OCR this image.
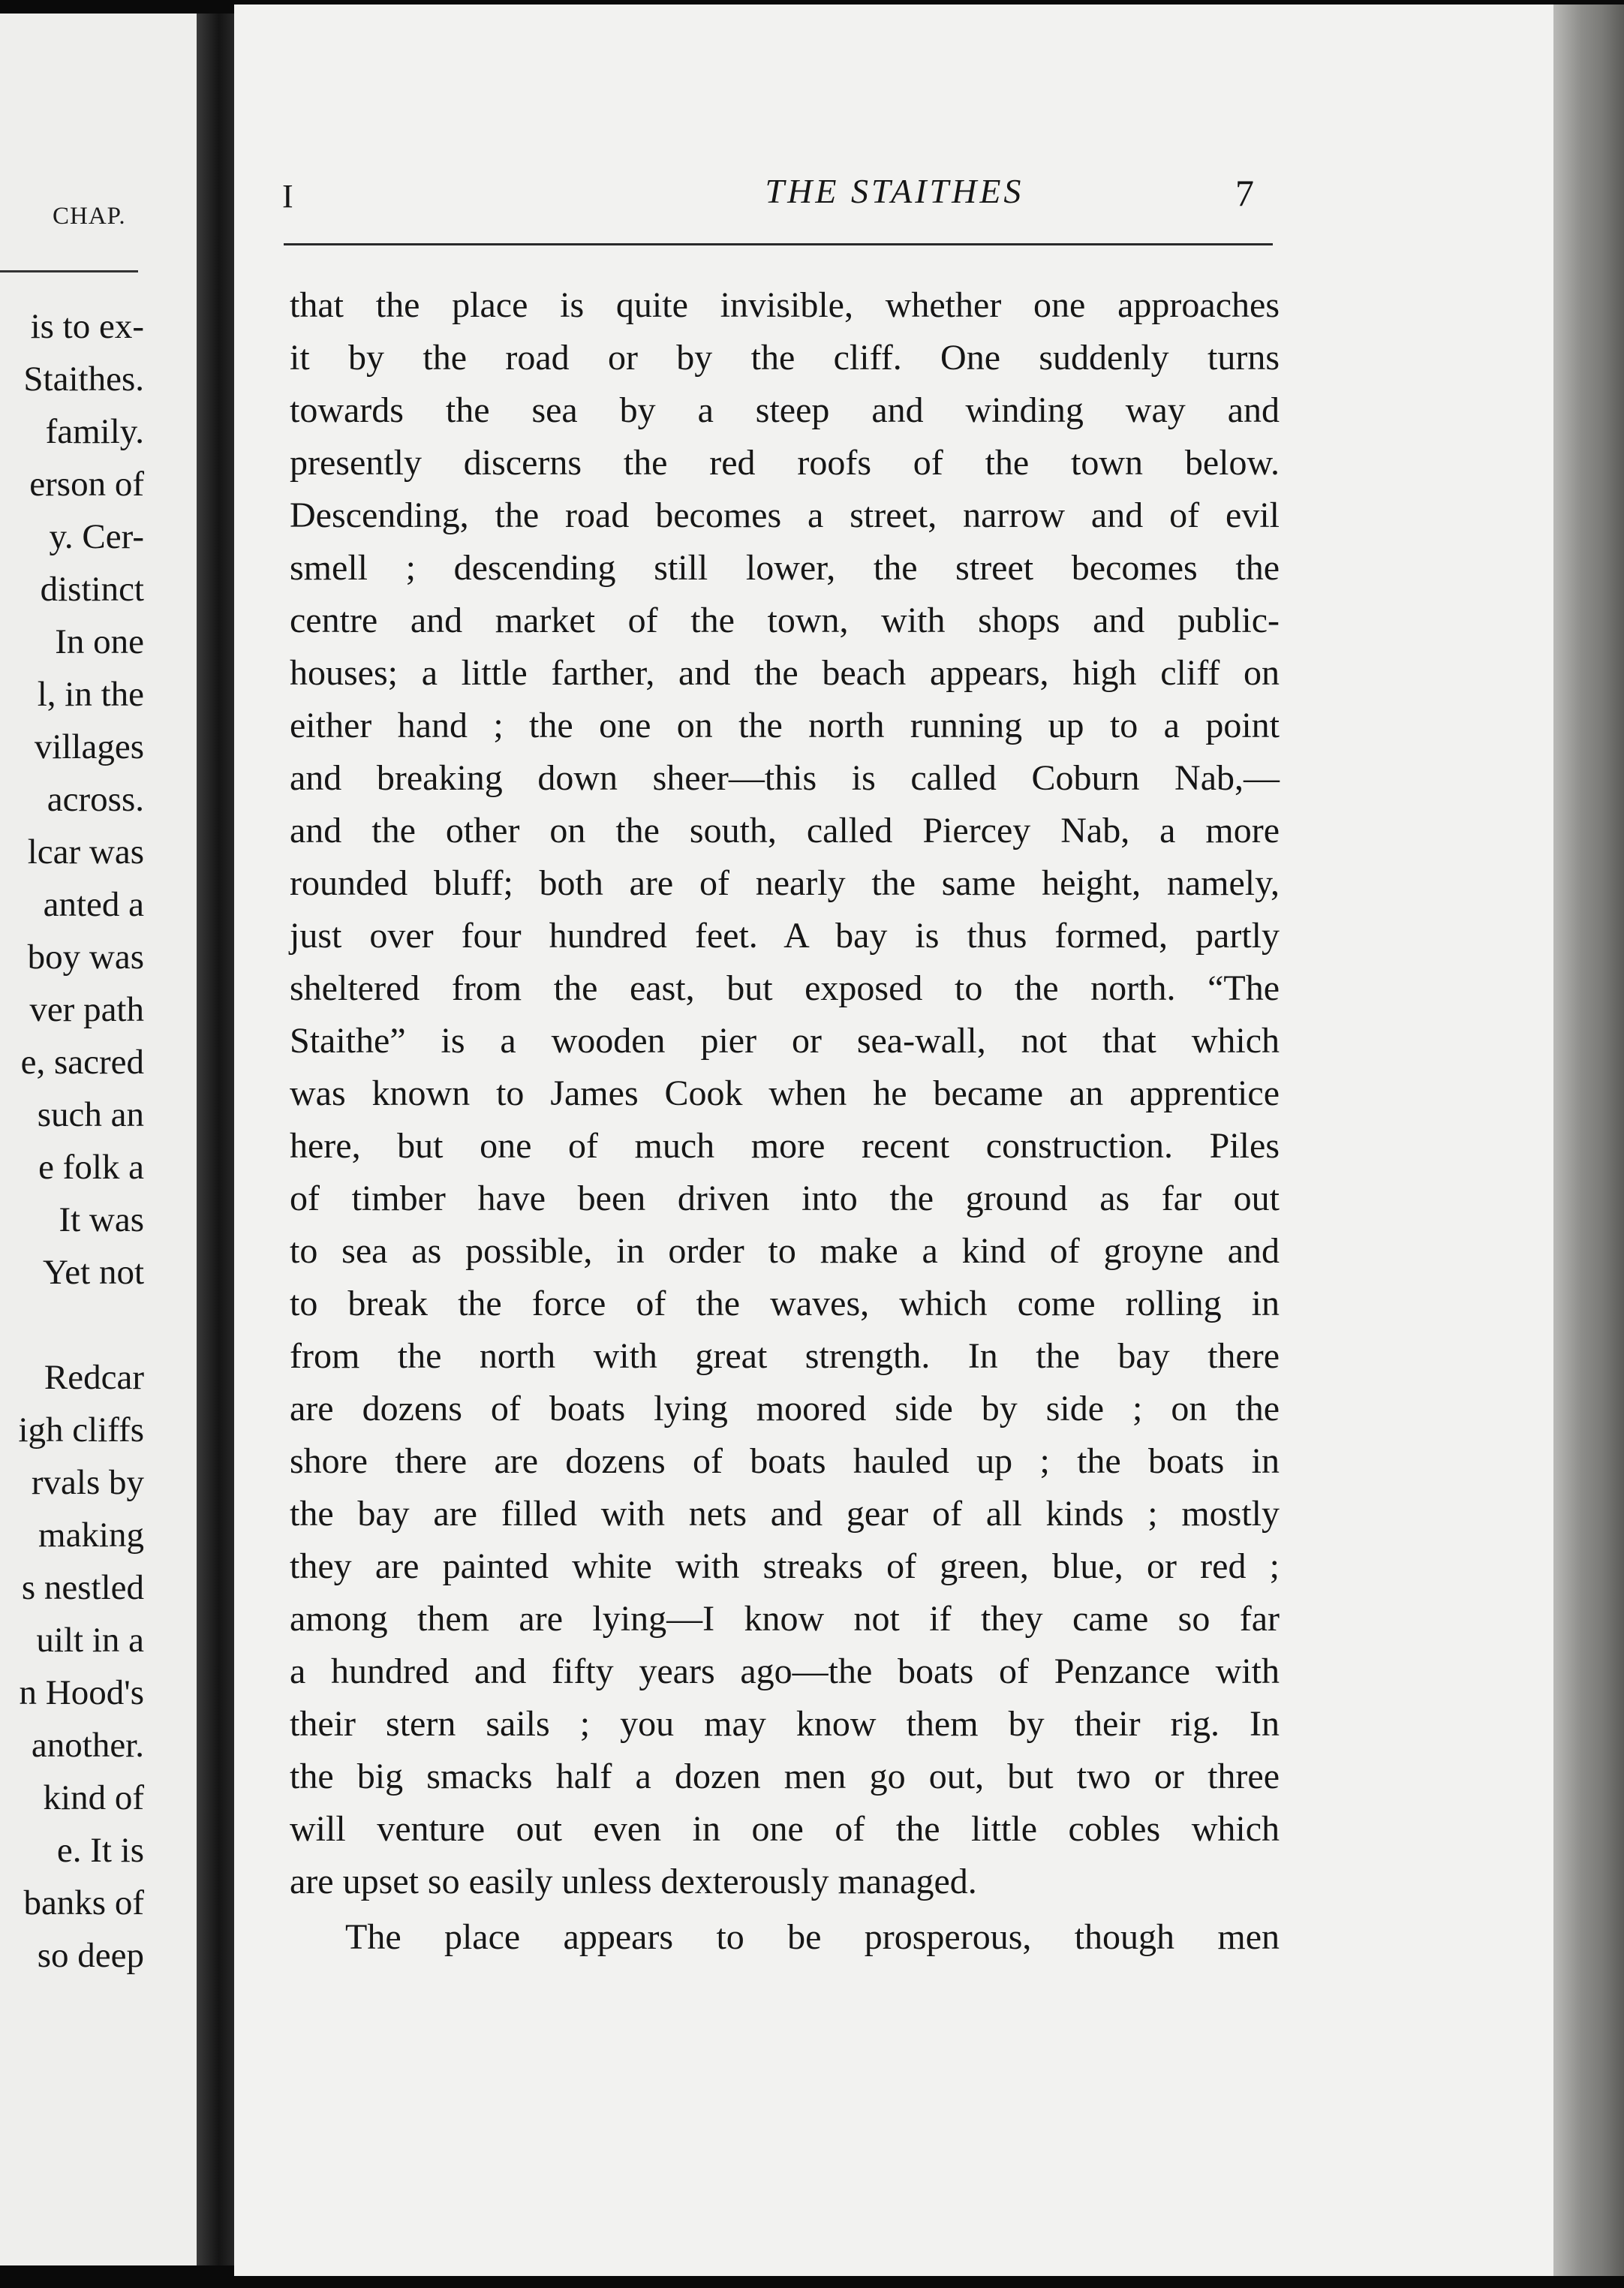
CHAP.
is to ex-
Staithes.
family.
erson of
y. Cer-
distinct
In one
l, in the
villages
across.
lcar was
anted a
boy was
ver path
e, sacred
such an
e folk a
It was
Yet not
Redcar
igh cliffs
rvals by
making
s nestled
uilt in a
n Hood's
another.
kind of
e. It is
banks of
so deep
I	THE STAITHES	7
that the place is quite invisible, whether one approaches
it by the road or by the cliff. One suddenly turns
towards the sea by a steep and winding way and
presently discerns the red roofs of the town below.
Descending, the road becomes a street, narrow and of evil
smell ; descending still lower, the street becomes the
centre and market of the town, with shops and public-
houses; a little farther, and the beach appears, high cliff on
either hand ; the one on the north running up to a point
and breaking down sheer—this is called Coburn Nab,—
and the other on the south, called Piercey Nab, a more
rounded bluff; both are of nearly the same height, namely,
just over four hundred feet. A bay is thus formed, partly
sheltered from the east, but exposed to the north. “The
Staithe” is a wooden pier or sea-wall, not that which
was known to James Cook when he became an apprentice
here, but one of much more recent construction. Piles
of timber have been driven into the ground as far out
to sea as possible, in order to make a kind of groyne and
to break the force of the waves, which come rolling in
from the north with great strength. In the bay there
are dozens of boats lying moored side by side ; on the
shore there are dozens of boats hauled up ; the boats in
the bay are filled with nets and gear of all kinds ; mostly
they are painted white with streaks of green, blue, or red ;
among them are lying—I know not if they came so far
a hundred and fifty years ago—the boats of Penzance with
their stern sails ; you may know them by their rig. In
the big smacks half a dozen men go out, but two or three
will venture out even in one of the little cobles which
are upset so easily unless dexterously managed.
The place appears to be prosperous, though men
